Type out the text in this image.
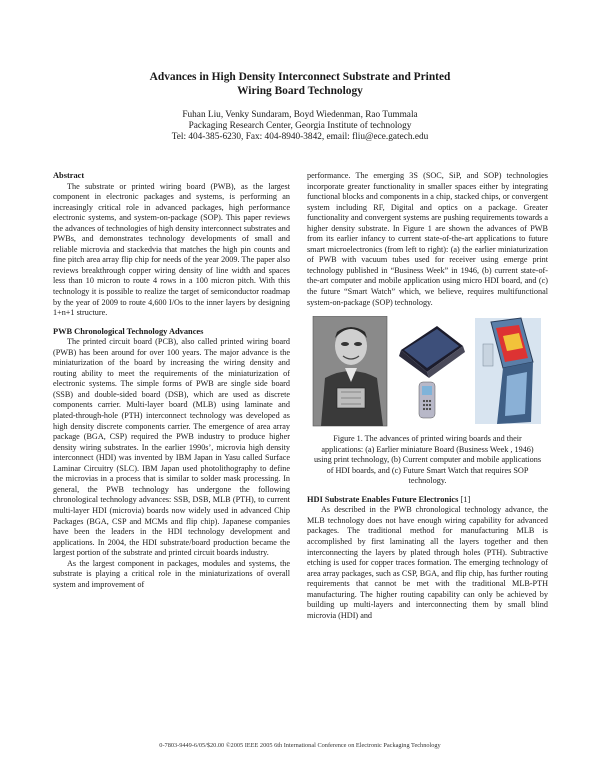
Advances in High Density Interconnect Substrate and Printed
Wiring Board Technology
Fuhan Liu, Venky Sundaram, Boyd Wiedenman, Rao Tummala
Packaging Research Center, Georgia Institute of technology
Tel: 404-385-6230, Fax: 404-8940-3842, email: fliu@ece.gatech.edu
Abstract

The substrate or printed wiring board (PWB), as the largest component in electronic packages and systems, is performing an increasingly critical role in advanced packages, high performance electronic systems, and system-on-package (SOP). This paper reviews the advances of technologies of high density interconnect substrates and PWBs, and demonstrates technology developments of small and reliable microvia and stackedvia that matches the high pin counts and fine pitch area array flip chip for needs of the year 2009. The paper also reviews breakthrough copper wiring density of line width and spaces less than 10 micron to route 4 rows in a 100 micron pitch. With this technology it is possible to realize the target of semiconductor roadmap by the year of 2009 to route 4,600 I/Os to the inner layers by designing 1+n+1 structure.

PWB Chronological Technology Advances

The printed circuit board (PCB), also called printed wiring board (PWB) has been around for over 100 years. The major advance is the miniaturization of the board by increasing the wiring density and routing ability to meet the requirements of the miniaturization of electronic systems. The simple forms of PWB are single side board (SSB) and double-sided board (DSB), which are used as discrete components carrier. Multi-layer board (MLB) using laminate and plated-through-hole (PTH) interconnect technology was developed as high density discrete components carrier. The emergence of area array package (BGA, CSP) required the PWB industry to produce higher density wiring substrates. In the earlier 1990s’, microvia high density interconnect (HDI) was invented by IBM Japan in Yasu called Surface Laminar Circuitry (SLC). IBM Japan used photolithography to define the microvias in a process that is similar to solder mask processing. In general, the PWB technology has undergone the following chronological technology advances: SSB, DSB, MLB (PTH), to current multi-layer HDI (microvia) boards now widely used in advanced Chip Packages (BGA, CSP and MCMs and flip chip). Japanese companies have been the leaders in the HDI technology development and applications. In 2004, the HDI substrate/board production became the largest portion of the substrate and printed circuit boards industry.

As the largest component in packages, modules and systems, the substrate is playing a critical role in the miniaturizations of overall system and improvement of

performance. The emerging 3S (SOC, SiP, and SOP) technologies incorporate greater functionality in smaller spaces either by integrating functional blocks and components in a chip, stacked chips, or convergent system including RF, Digital and optics on a package. Greater functionality and convergent systems are pushing requirements towards a higher density substrate. In Figure 1 are shown the advances of PWB from its earlier infancy to current state-of-the-art applications to future smart microelectronics (from left to right): (a) the earlier miniaturization of PWB with vacuum tubes used for receiver using emerge print technology published in “Business Week” in 1946, (b) current state-of-the-art computer and mobile application using micro HDI board, and (c) the future “Smart Watch” which, we believe, requires multifunctional system-on-package (SOP) technology.

Figure 1. The advances of printed wiring boards and their applications: (a) Earlier miniature Board (Business Week , 1946) using print technology, (b) Current computer and mobile applications of HDI boards, and (c) Future Smart Watch that requires SOP technology.
HDI Substrate Enables Future Electronics [1]

As described in the PWB chronological technology advance, the MLB technology does not have enough wiring capability for advanced packages. The traditional method for manufacturing MLB is accomplished by first laminating all the layers together and then interconnecting the layers by plated through holes (PTH). Subtractive etching is used for copper traces formation. The emerging technology of area array packages, such as CSP, BGA, and flip chip, has further routing requirements that cannot be met with the traditional MLB-PTH manufacturing. The higher routing capability can only be achieved by building up multi-layers and interconnecting them by small blind microvia (HDI) and

0-7803-9449-6/05/$20.00 ©2005 IEEE 2005 6th International Conference on Electronic Packaging Technology
